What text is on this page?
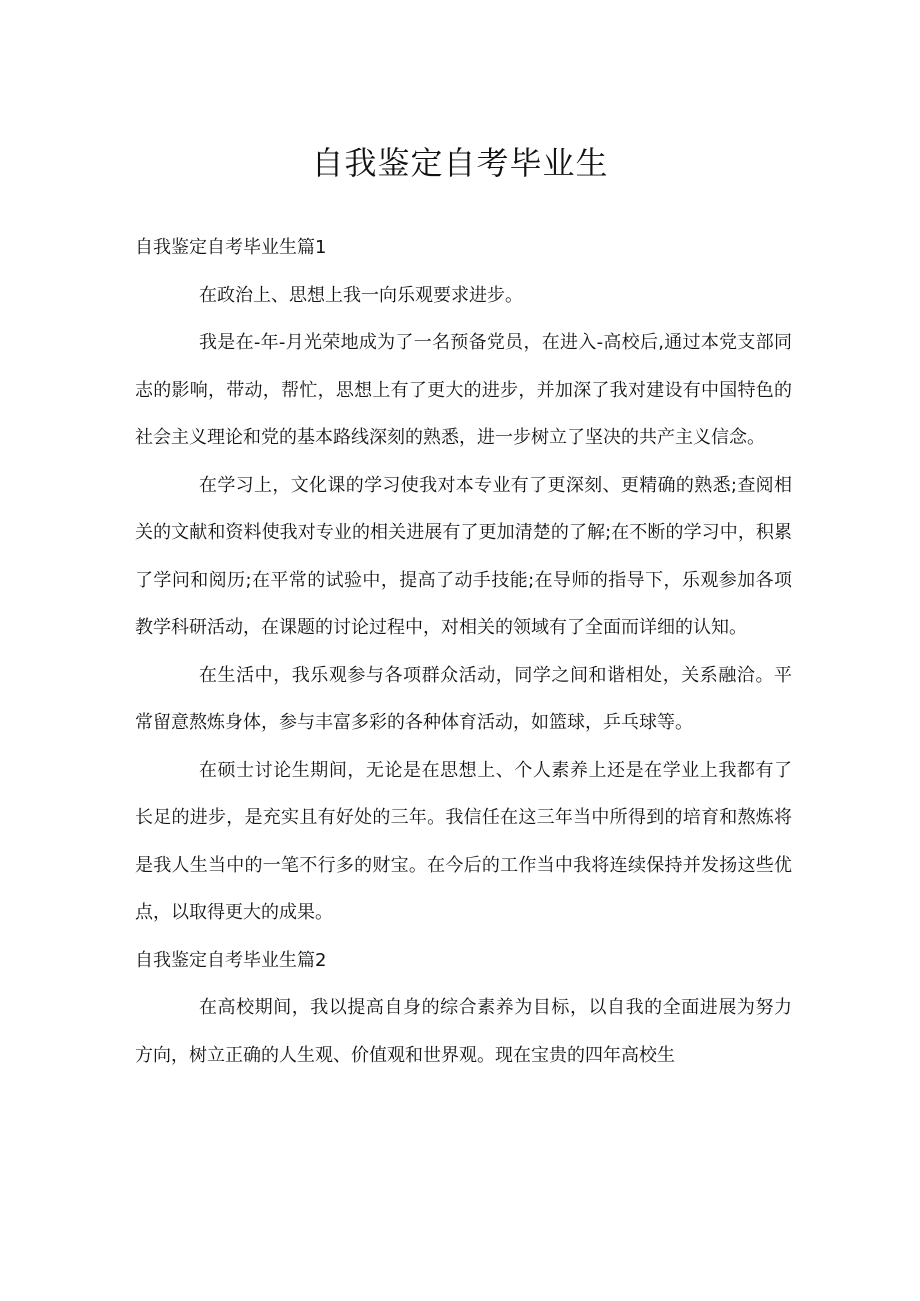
自我鉴定自考毕业生

自我鉴定自考毕业生篇1

在政治上、思想上我一向乐观要求进步。

我是在-年-月光荣地成为了一名预备党员，在进入-高校后,通过本党支部同志的影响，带动，帮忙，思想上有了更大的进步，并加深了我对建设有中国特色的社会主义理论和党的基本路线深刻的熟悉，进一步树立了坚决的共产主义信念。

在学习上，文化课的学习使我对本专业有了更深刻、更精确的熟悉;查阅相关的文献和资料使我对专业的相关进展有了更加清楚的了解;在不断的学习中，积累了学问和阅历;在平常的试验中，提高了动手技能;在导师的指导下，乐观参加各项教学科研活动，在课题的讨论过程中，对相关的领域有了全面而详细的认知。

在生活中，我乐观参与各项群众活动，同学之间和谐相处，关系融洽。平常留意熬炼身体，参与丰富多彩的各种体育活动，如篮球，乒乓球等。

在硕士讨论生期间，无论是在思想上、个人素养上还是在学业上我都有了长足的进步，是充实且有好处的三年。我信任在这三年当中所得到的培育和熬炼将是我人生当中的一笔不行多的财宝。在今后的工作当中我将连续保持并发扬这些优点，以取得更大的成果。

自我鉴定自考毕业生篇2

在高校期间，我以提高自身的综合素养为目标，以自我的全面进展为努力方向，树立正确的人生观、价值观和世界观。现在宝贵的四年高校生
